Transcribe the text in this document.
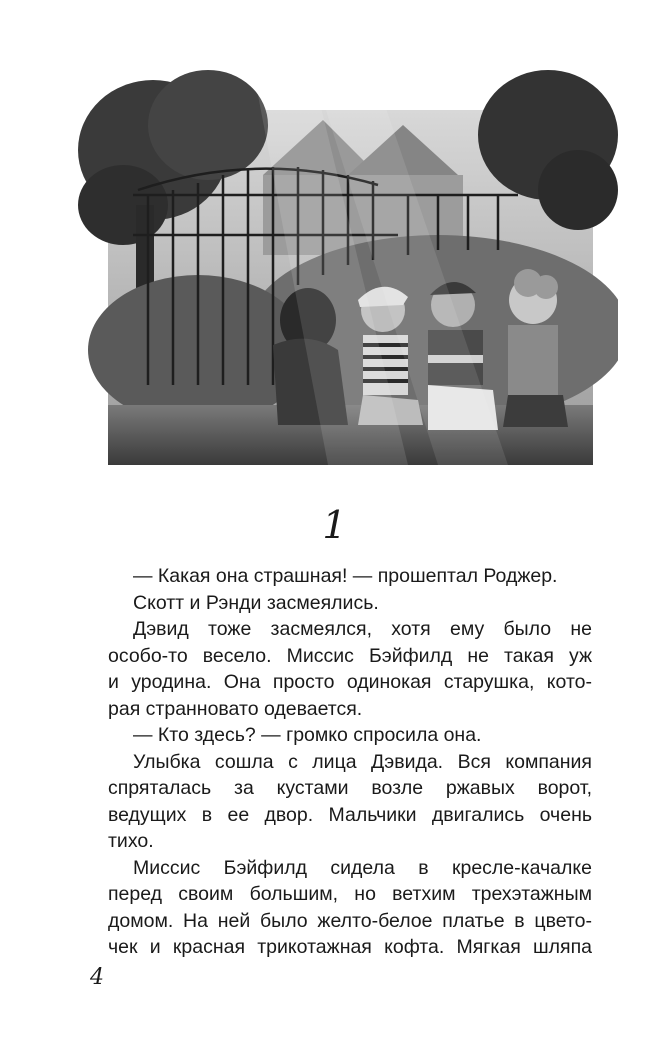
1
— Какая она страшная! — прошептал Роджер.
Скотт и Рэнди засмеялись.
Дэвид тоже засмеялся, хотя ему было не
особо-то весело. Миссис Бэйфилд не такая уж
и уродина. Она просто одинокая старушка, кото-
рая странновато одевается.
— Кто здесь? — громко спросила она.
Улыбка сошла с лица Дэвида. Вся компания
спряталась за кустами возле ржавых ворот,
ведущих в ее двор. Мальчики двигались очень
тихо.
Миссис Бэйфилд сидела в кресле-качалке
перед своим большим, но ветхим трехэтажным
домом. На ней было желто-белое платье в цвето-
чек и красная трикотажная кофта. Мягкая шляпа
4
